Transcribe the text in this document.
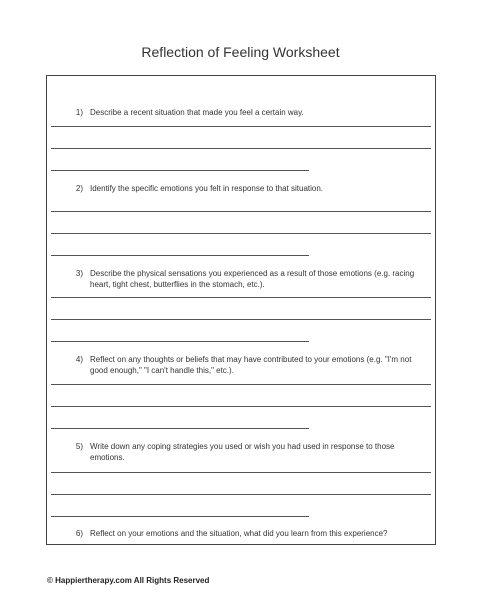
Reflection of Feeling Worksheet
1) Describe a recent situation that made you feel a certain way.
2) Identify the specific emotions you felt in response to that situation.
3) Describe the physical sensations you experienced as a result of those emotions (e.g. racing heart, tight chest, butterflies in the stomach, etc.).
4) Reflect on any thoughts or beliefs that may have contributed to your emotions (e.g. "I'm not good enough," "I can't handle this," etc.).
5) Write down any coping strategies you used or wish you had used in response to those emotions.
6) Reflect on your emotions and the situation, what did you learn from this experience?
© Happiertherapy.com All Rights Reserved
